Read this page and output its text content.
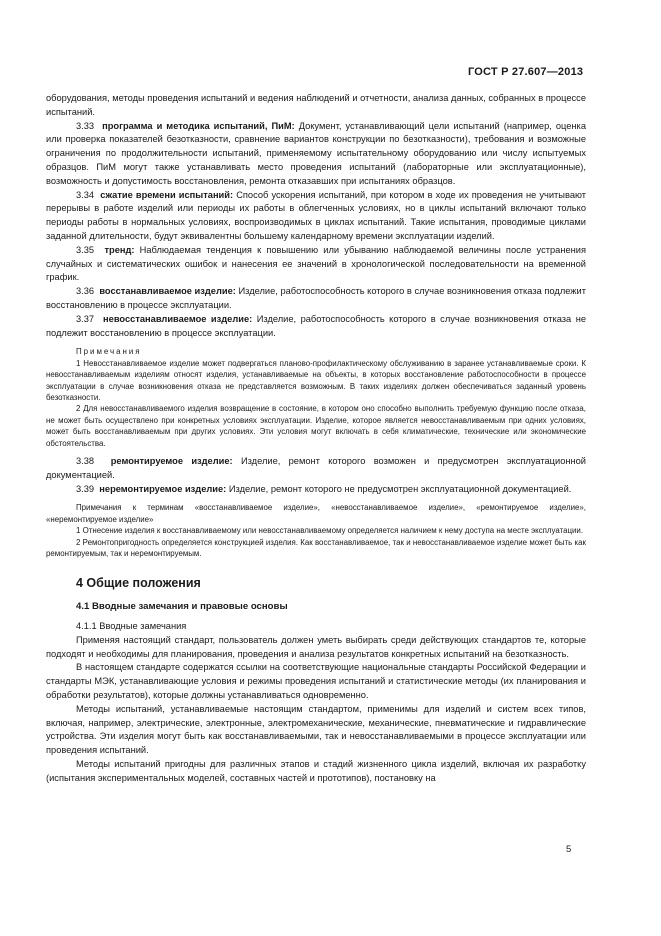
ГОСТ Р 27.607—2013

оборудования, методы проведения испытаний и ведения наблюдений и отчетности, анализа данных, собранных в процессе испытаний.

3.33 программа и методика испытаний, ПиМ: Документ, устанавливающий цели испытаний (например, оценка или проверка показателей безотказности, сравнение вариантов конструкции по безотказности), требования и возможные ограничения по продолжительности испытаний, применяемому испытательному оборудованию или числу испытуемых образцов. ПиМ могут также устанавливать место проведения испытаний (лабораторные или эксплуатационные), возможность и допустимость восстановления, ремонта отказавших при испытаниях образцов.

3.34 сжатие времени испытаний: Способ ускорения испытаний, при котором в ходе их проведения не учитывают перерывы в работе изделий или периоды их работы в облегченных условиях, но в циклы испытаний включают только периоды работы в нормальных условиях, воспроизводимых в циклах испытаний. Такие испытания, проводимые циклами заданной длительности, будут эквивалентны большему календарному времени эксплуатации изделий.

3.35 тренд: Наблюдаемая тенденция к повышению или убыванию наблюдаемой величины после устранения случайных и систематических ошибок и нанесения ее значений в хронологической последовательности на временной график.

3.36 восстанавливаемое изделие: Изделие, работоспособность которого в случае возникновения отказа подлежит восстановлению в процессе эксплуатации.

3.37 невосстанавливаемое изделие: Изделие, работоспособность которого в случае возникновения отказа не подлежит восстановлению в процессе эксплуатации.

Примечания

1 Невосстанавливаемое изделие может подвергаться планово-профилактическому обслуживанию в заранее устанавливаемые сроки. К невосстанавливаемым изделиям относят изделия, устанавливаемые на объекты, в которых восстановление работоспособности в процессе эксплуатации в случае возникновения отказа не представляется возможным. В таких изделиях должен обеспечиваться заданный уровень безотказности.

2 Для невосстанавливаемого изделия возвращение в состояние, в котором оно способно выполнить требуемую функцию после отказа, не может быть осуществлено при конкретных условиях эксплуатации. Изделие, которое является невосстанавливаемым при одних условиях, может быть восстанавливаемым при других условиях. Эти условия могут включать в себя климатические, технические или экономические обстоятельства.

3.38 ремонтируемое изделие: Изделие, ремонт которого возможен и предусмотрен эксплуатационной документацией.

3.39 неремонтируемое изделие: Изделие, ремонт которого не предусмотрен эксплуатационной документацией.

Примечания к терминам «восстанавливаемое изделие», «невосстанавливаемое изделие», «ремонтируемое изделие», «неремонтируемое изделие»

1 Отнесение изделия к восстанавливаемому или невосстанавливаемому определяется наличием к нему доступа на месте эксплуатации.

2 Ремонтопригодность определяется конструкцией изделия. Как восстанавливаемое, так и невосстанавливаемое изделие может быть как ремонтируемым, так и неремонтируемым.

4 Общие положения
4.1 Вводные замечания и правовые основы

4.1.1 Вводные замечания

Применяя настоящий стандарт, пользователь должен уметь выбирать среди действующих стандартов те, которые подходят и необходимы для планирования, проведения и анализа результатов конкретных испытаний на безотказность.

В настоящем стандарте содержатся ссылки на соответствующие национальные стандарты Российской Федерации и стандарты МЭК, устанавливающие условия и режимы проведения испытаний и статистические методы (их планирования и обработки результатов), которые должны устанавливаться одновременно.

Методы испытаний, устанавливаемые настоящим стандартом, применимы для изделий и систем всех типов, включая, например, электрические, электронные, электромеханические, механические, пневматические и гидравлические устройства. Эти изделия могут быть как восстанавливаемыми, так и невосстанавливаемыми в процессе эксплуатации или проведения испытаний.

Методы испытаний пригодны для различных этапов и стадий жизненного цикла изделий, включая их разработку (испытания экспериментальных моделей, составных частей и прототипов), постановку на

5
